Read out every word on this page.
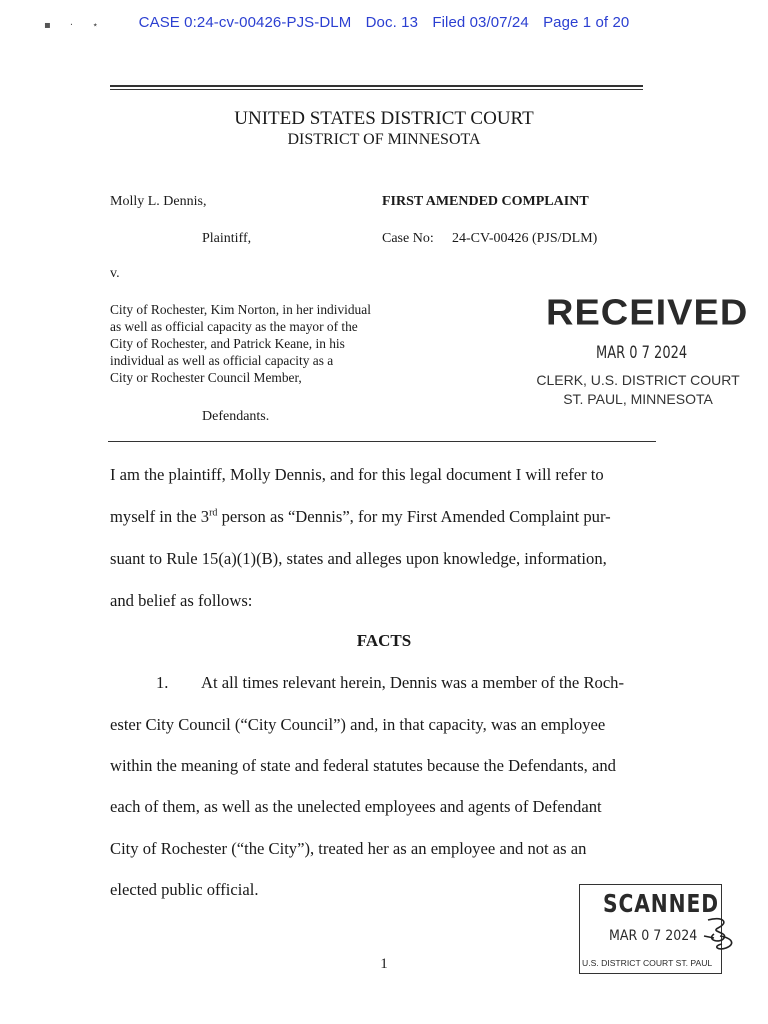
CASE 0:24-cv-00426-PJS-DLM Doc. 13 Filed 03/07/24 Page 1 of 20
▪      ·      ⋆
UNITED STATES DISTRICT COURT
DISTRICT OF MINNESOTA
Molly L. Dennis,
Plaintiff,
v.
City of Rochester, Kim Norton, in her individual
as well as official capacity as the mayor of the
City of Rochester, and Patrick Keane, in his
individual as well as official capacity as a
City or Rochester Council Member,
Defendants.
FIRST AMENDED COMPLAINT
Case No: 24-CV-00426 (PJS/DLM)
RECEIVED
MAR 0 7 2024
CLERK, U.S. DISTRICT COURT
ST. PAUL, MINNESOTA
I am the plaintiff, Molly Dennis, and for this legal document I will refer to
myself in the 3rd person as “Dennis”, for my First Amended Complaint pur-
suant to Rule 15(a)(1)(B), states and alleges upon knowledge, information,
and belief as follows:
FACTS
1. At all times relevant herein, Dennis was a member of the Roch-
ester City Council (“City Council”) and, in that capacity, was an employee
within the meaning of state and federal statutes because the Defendants, and
each of them, as well as the unelected employees and agents of Defendant
City of Rochester (“the City”), treated her as an employee and not as an
elected public official.	SCANNED
MAR 0 7 2024
U.S. DISTRICT COURT ST. PAUL
1
